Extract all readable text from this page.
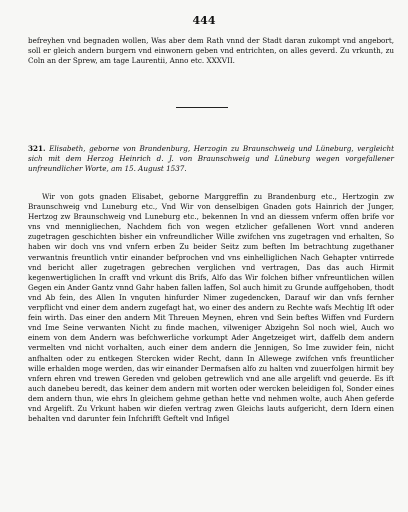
444

befreyhen vnd begnaden wollen, Was aber dem Rath vnnd der Stadt daran zukompt vnd angebort, soll er gleich andern burgern vnd einwonern geben vnd entrichten, on alles geverd. Zu vrkunth, zu Coln an der Sprew, am tage Laurentii, Anno etc. XXXVII.

321. Elisabeth, geborne von Brandenburg, Herzogin zu Braunschweig und Lüneburg, vergleicht sich mit dem Herzog Heinrich d. J. von Braunschweig und Lüneburg wegen vorgefallener unfreundlicher Worte, am 15. August 1537.

Wir von gots gnaden Elisabet, geborne Marggreffin zu Brandenburg etc., Hertzogin zw Braunschweig vnd Luneburg etc., Vnd Wir von denselbigen Gnaden gots Hainrich der Junger, Hertzog zw Braunschweig vnd Luneburg etc., bekennen In vnd an diessem vnferm offen brife vor vns vnd mennigliechen, Nachdem fich von wegen etzlicher gefallenen Wort vnnd anderen zugetragen geschichten bisher ein vnfreundlicher Wille zwifchen vns zugetragen vnd erhalten, So haben wir doch vns vnd vnfern erben Zu beider Seitz zum beften Im betrachtung zugethaner verwantnis freuntlich vntir einander befprochen vnd vns einhelliglichen Nach Gehapter vntirrede vnd bericht aller zugetragen gebrechen verglichen vnd vertragen, Das das auch Hirmit kegenwertiglichen In crafft vnd vrkunt dis Brifs, Alfo das Wir folchen bifher vnfreuntlichen willen Gegen ein Ander Gantz vnnd Gahr haben fallen laffen, Sol auch himit zu Grunde auffgehoben, thodt vnd Ab fein, des Allen In vnguten hinfurder Nimer zugedencken, Darauf wir dan vnfs fernher verpflicht vnd einer dem andern zugefagt hat, wo einer des andern zu Rechte wafs Mechtig Ift oder fein wirth. Das einer den andern Mit Threuen Meynen, ehren vnd Sein beftes Wiffen vnd Furdern vnd Ime Seine verwanten Nicht zu finde machen, vilweniger Abzigehn Sol noch wiel, Auch wo einem von dem Andern was befchwerliche vorkumpt Ader Angetzeiget wirt, daffelb dem andern vermelten vnd nicht vorhalten, auch einer dem andern die Jennigen, So Ime zuwider fein, nicht anfhalten oder zu entkegen Stercken wider Recht, dann In Allewege zwifchen vnfs freuntlicher wille erhalden moge werden, das wir einander Dermafsen alfo zu halten vnd zuuerfolgen hirmit bey vnfern ehren vnd trewen Gereden vnd geloben getrewlich vnd ane alle argelift vnd geuerde. Es ift auch danebeu beredt, das keiner dem andern mit worten oder wercken beleidigen fol, Sonder eines dem andern thun, wie ehrs In gleichem gehme gethan hette vnd nehmen wolte, auch Ahen geferde vnd Argelift. Zu Vrkunt haben wir diefen vertrag zwen Gleichs lauts aufgericht, dern Idern einen behalten vnd darunter fein Infchrifft Geftelt vnd Infigel
